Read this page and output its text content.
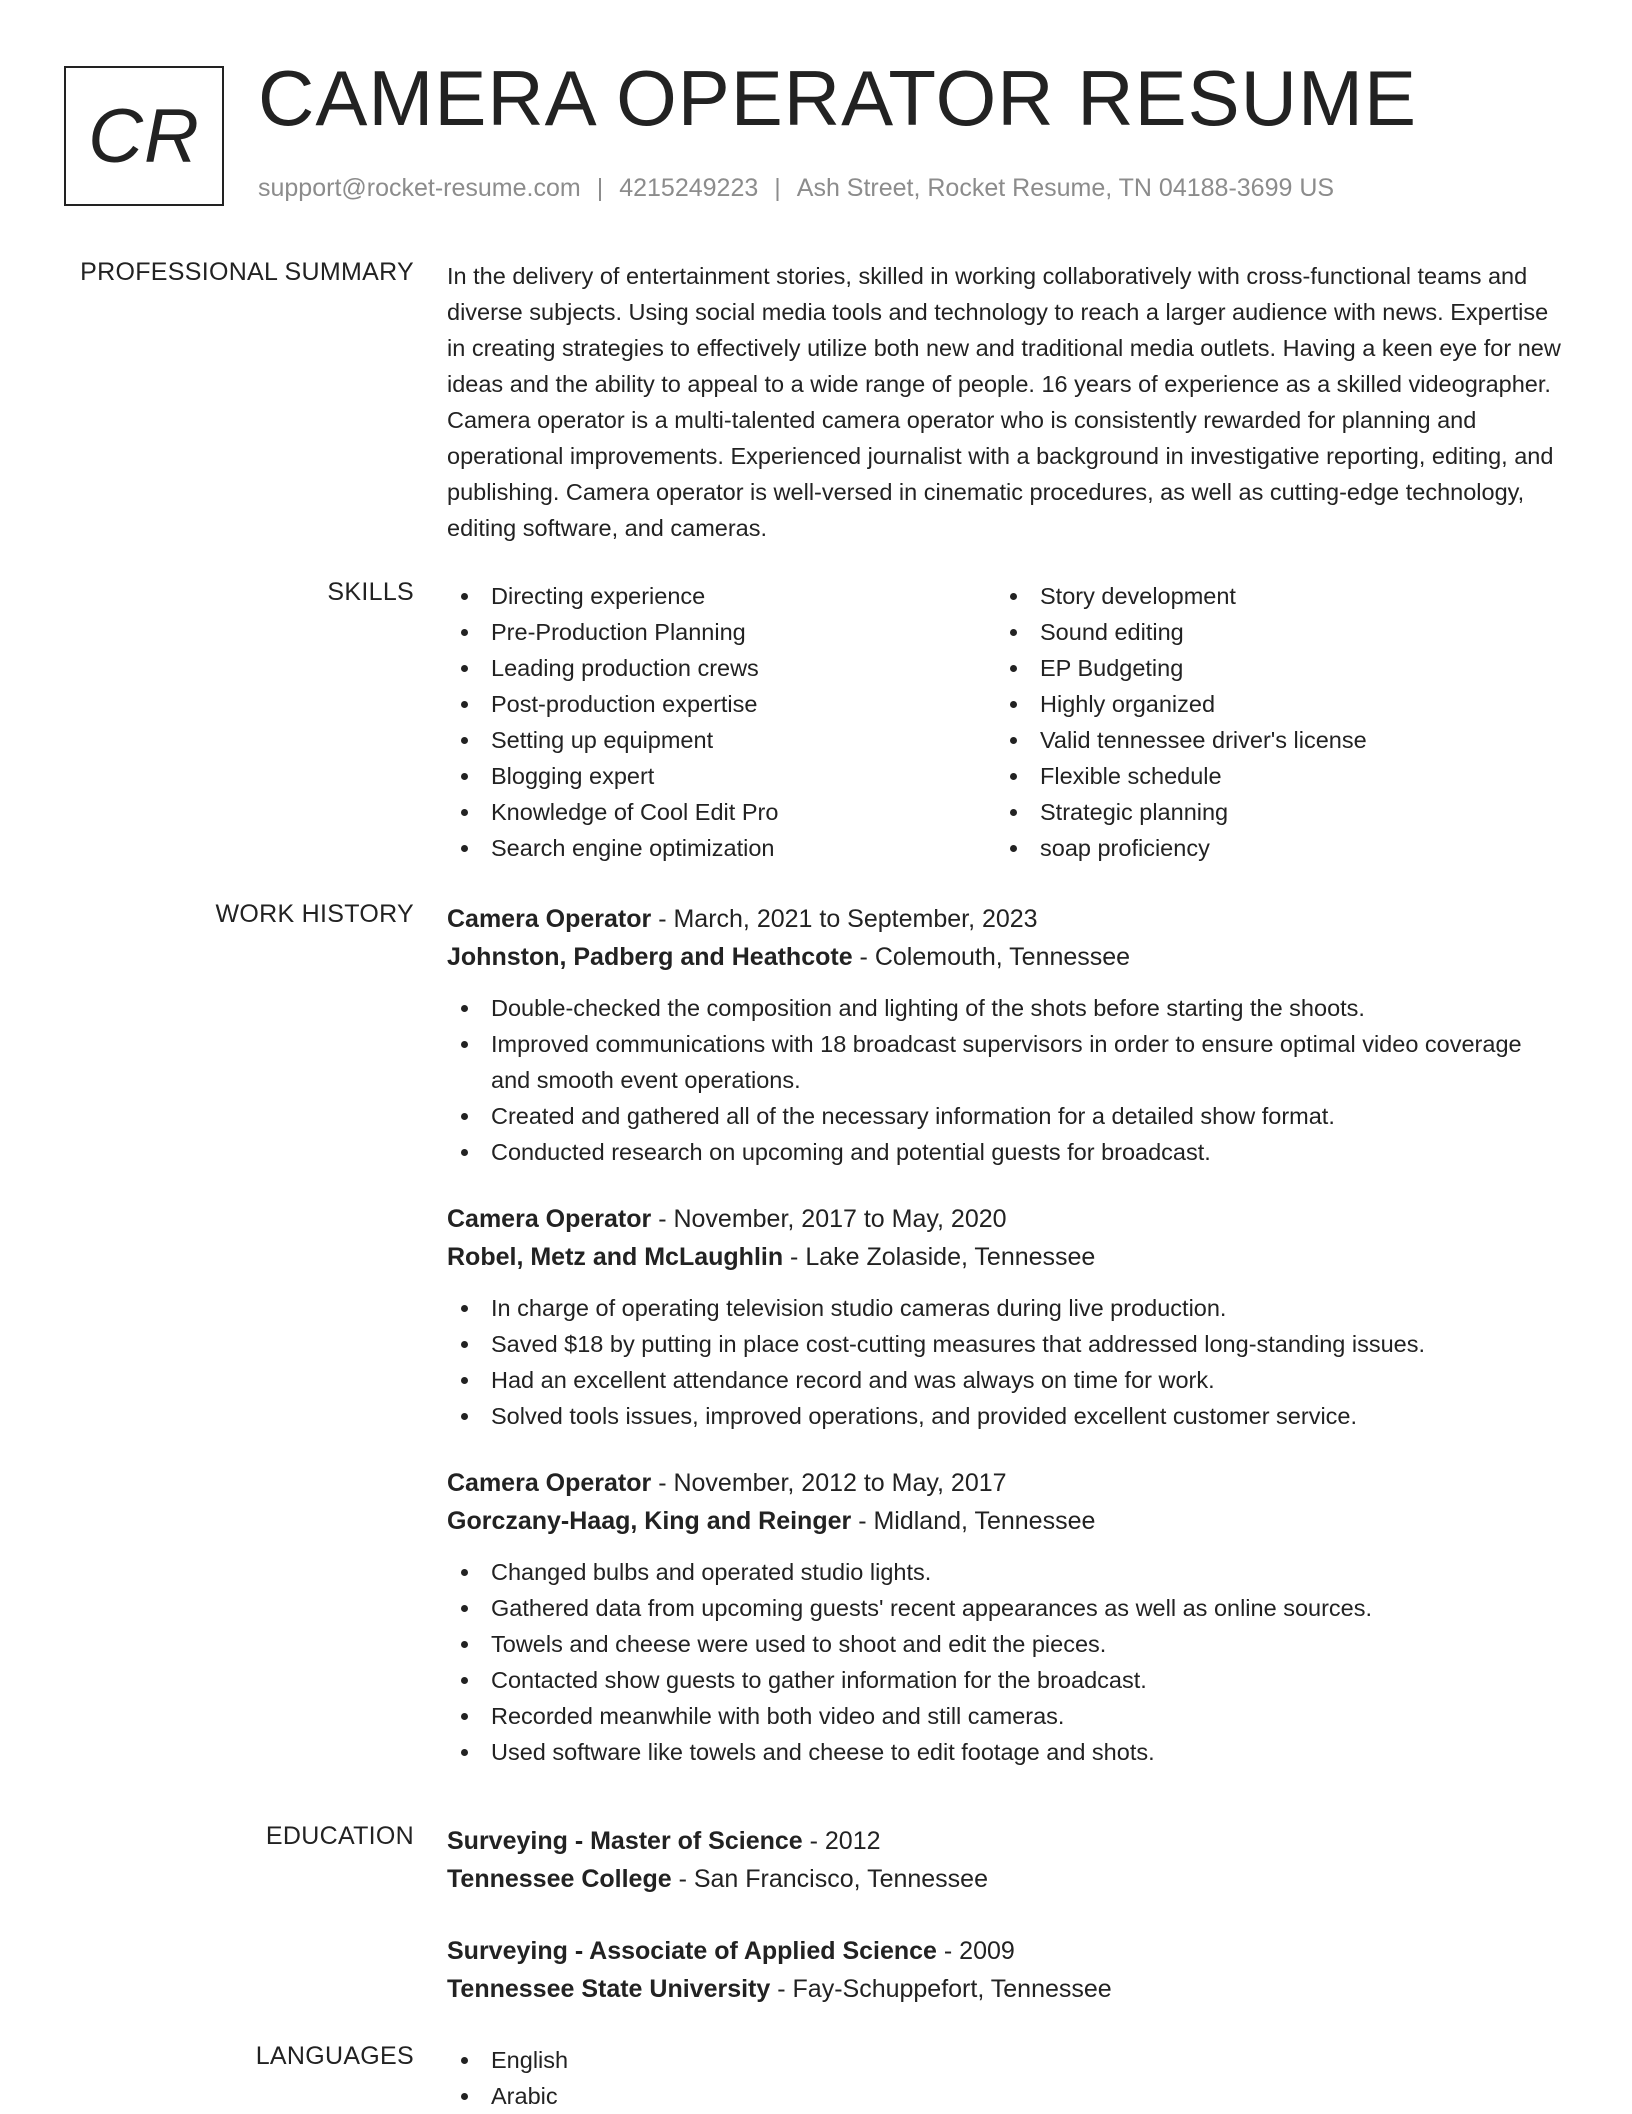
CR CAMERA OPERATOR RESUME
support@rocket-resume.com | 4215249223 | Ash Street, Rocket Resume, TN 04188-3699 US
PROFESSIONAL SUMMARY In the delivery of entertainment stories, skilled in working collaboratively with cross-functional teams and diverse subjects. Using social media tools and technology to reach a larger audience with news. Expertise in creating strategies to effectively utilize both new and traditional media outlets. Having a keen eye for new ideas and the ability to appeal to a wide range of people. 16 years of experience as a skilled videographer. Camera operator is a multi-talented camera operator who is consistently rewarded for planning and operational improvements. Experienced journalist with a background in investigative reporting, editing, and publishing. Camera operator is well-versed in cinematic procedures, as well as cutting-edge technology, editing software, and cameras.

SKILLS	Directing experience
Pre-Production Planning
Leading production crews
Post-production expertise
Setting up equipment
Blogging expert
Knowledge of Cool Edit Pro
Search engine optimization
Story development
Sound editing
EP Budgeting
Highly organized
Valid tennessee driver's license
Flexible schedule
Strategic planning
soap proficiency
WORK HISTORY Camera Operator - March, 2021 to September, 2023
Johnston, Padberg and Heathcote - Colemouth, Tennessee
Double-checked the composition and lighting of the shots before starting the shoots.
Improved communications with 18 broadcast supervisors in order to ensure optimal video coverage and smooth event operations.
Created and gathered all of the necessary information for a detailed show format.
Conducted research on upcoming and potential guests for broadcast.
Camera Operator - November, 2017 to May, 2020
Robel, Metz and McLaughlin - Lake Zolaside, Tennessee
In charge of operating television studio cameras during live production.
Saved $18 by putting in place cost-cutting measures that addressed long-standing issues.
Had an excellent attendance record and was always on time for work.
Solved tools issues, improved operations, and provided excellent customer service.
Camera Operator - November, 2012 to May, 2017
Gorczany-Haag, King and Reinger - Midland, Tennessee
Changed bulbs and operated studio lights.
Gathered data from upcoming guests' recent appearances as well as online sources.
Towels and cheese were used to shoot and edit the pieces.
Contacted show guests to gather information for the broadcast.
Recorded meanwhile with both video and still cameras.
Used software like towels and cheese to edit footage and shots.
EDUCATION Surveying - Master of Science - 2012
Tennessee College - San Francisco, Tennessee
Surveying - Associate of Applied Science - 2009
Tennessee State University - Fay-Schuppefort, Tennessee
LANGUAGES	English
Arabic
